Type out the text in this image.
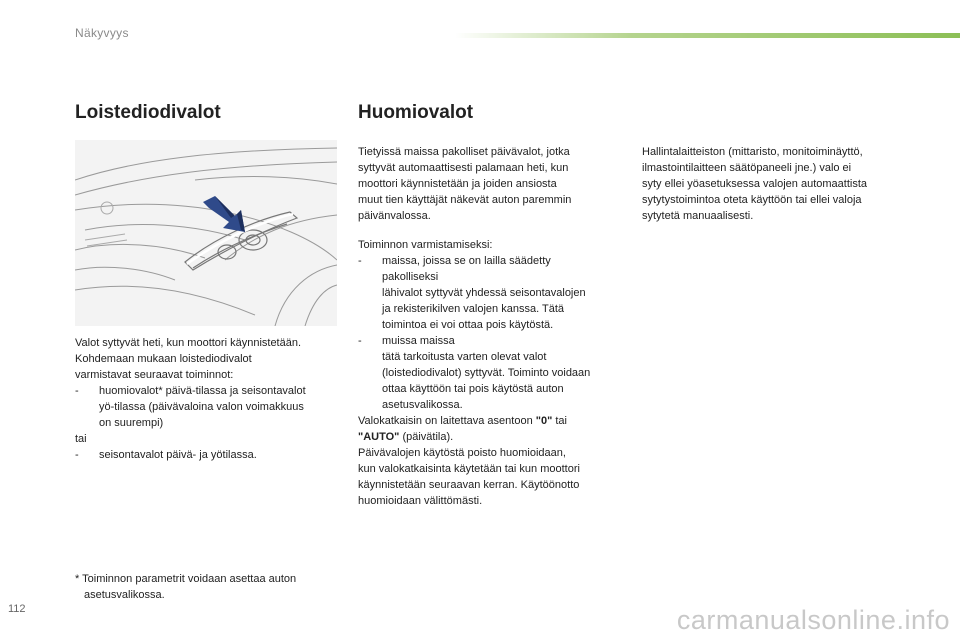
Näkyvyys
Loistediodivalot	Huomiovalot

Valot syttyvät heti, kun moottori käynnistetään.

Kohdemaan mukaan loistediodivalot

varmistavat seuraavat toiminnot:

-	huomiovalot* päivä-tilassa ja seisontavalot
yö-tilassa (päivävaloina valon voimakkuus
on suurempi)

tai

-	seisontavalot päivä- ja yötilassa.

* Toiminnon parametrit voidaan asettaa auton

asetusvalikossa.

Tietyissä maissa pakolliset päivävalot, jotka

syttyvät automaattisesti palamaan heti, kun

moottori käynnistetään ja joiden ansiosta

muut tien käyttäjät näkevät auton paremmin

päivänvalossa.

Toiminnon varmistamiseksi:

-	maissa, joissa se on lailla säädetty
pakolliseksi
lähivalot syttyvät yhdessä seisontavalojen
ja rekisterikilven valojen kanssa. Tätä
toimintoa ei voi ottaa pois käytöstä.
-	muissa maissa
tätä tarkoitusta varten olevat valot
(loistediodivalot) syttyvät. Toiminto voidaan
ottaa käyttöön tai pois käytöstä auton
asetusvalikossa.

Valokatkaisin on laitettava asentoon "0" tai

"AUTO" (päivätila).

Päivävalojen käytöstä poisto huomioidaan,

kun valokatkaisinta käytetään tai kun moottori

käynnistetään seuraavan kerran. Käytöönotto

huomioidaan välittömästi.

Hallintalaitteiston (mittaristo, monitoiminäyttö,

ilmastointilaitteen säätöpaneeli jne.) valo ei

syty ellei yöasetuksessa valojen automaattista

sytytystoimintoa oteta käyttöön tai ellei valoja

sytytetä manuaalisesti.

112	carmanualsonline.info
